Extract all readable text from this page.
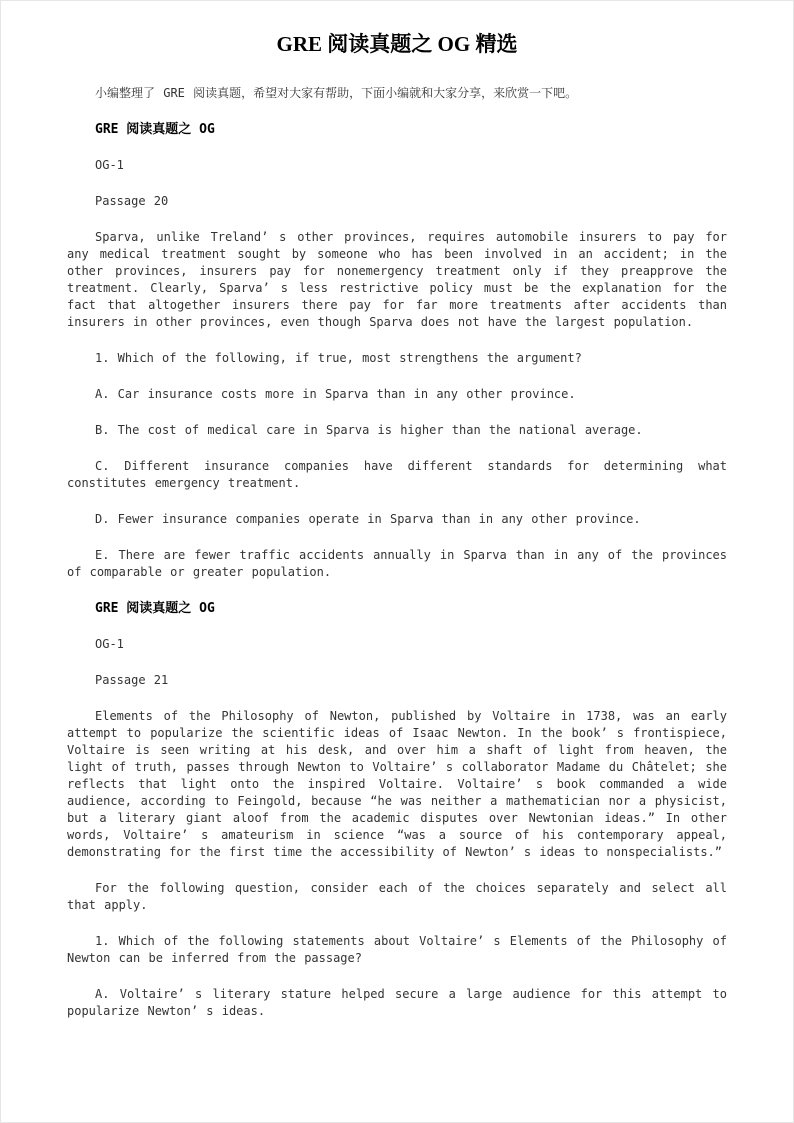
GRE 阅读真题之 OG 精选

小编整理了 GRE 阅读真题，希望对大家有帮助，下面小编就和大家分享，来欣赏一下吧。

GRE 阅读真题之 OG

OG-1

Passage 20

Sparva, unlike Treland’ s other provinces, requires automobile insurers to pay for any medical treatment sought by someone who has been involved in an accident; in the other provinces, insurers pay for nonemergency treatment only if they preapprove the treatment. Clearly, Sparva’ s less restrictive policy must be the explanation for the fact that altogether insurers there pay for far more treatments after accidents than insurers in other provinces, even though Sparva does not have the largest population.

1. Which of the following, if true, most strengthens the argument?

A. Car insurance costs more in Sparva than in any other province.

B. The cost of medical care in Sparva is higher than the national average.

C. Different insurance companies have different standards for determining what constitutes emergency treatment.

D. Fewer insurance companies operate in Sparva than in any other province.

E. There are fewer traffic accidents annually in Sparva than in any of the provinces of comparable or greater population.

GRE 阅读真题之 OG

OG-1

Passage 21

Elements of the Philosophy of Newton, published by Voltaire in 1738, was an early attempt to popularize the scientific ideas of Isaac Newton. In the book’ s frontispiece, Voltaire is seen writing at his desk, and over him a shaft of light from heaven, the light of truth, passes through Newton to Voltaire’ s collaborator Madame du Châtelet; she reflects that light onto the inspired Voltaire. Voltaire’ s book commanded a wide audience, according to Feingold, because “he was neither a mathematician nor a physicist, but a literary giant aloof from the academic disputes over Newtonian ideas.” In other words, Voltaire’ s amateurism in science “was a source of his contemporary appeal, demonstrating for the first time the accessibility of Newton’ s ideas to nonspecialists.”

For the following question, consider each of the choices separately and select all that apply.

1. Which of the following statements about Voltaire’ s Elements of the Philosophy of Newton can be inferred from the passage?

A. Voltaire’ s literary stature helped secure a large audience for this attempt to popularize Newton’ s ideas.
